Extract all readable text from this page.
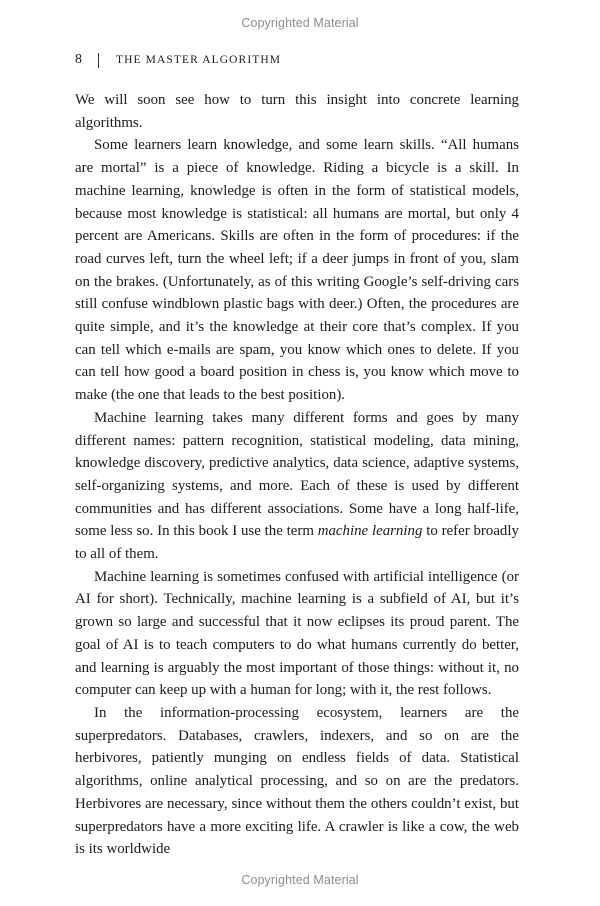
Copyrighted Material
8	THE MASTER ALGORITHM

We will soon see how to turn this insight into concrete learning algorithms.

Some learners learn knowledge, and some learn skills. “All humans are mortal” is a piece of knowledge. Riding a bicycle is a skill. In machine learning, knowledge is often in the form of statistical models, because most knowledge is statistical: all humans are mortal, but only 4 percent are Americans. Skills are often in the form of procedures: if the road curves left, turn the wheel left; if a deer jumps in front of you, slam on the brakes. (Unfortunately, as of this writing Google’s self-driving cars still confuse windblown plastic bags with deer.) Often, the procedures are quite simple, and it’s the knowledge at their core that’s complex. If you can tell which e-mails are spam, you know which ones to delete. If you can tell how good a board position in chess is, you know which move to make (the one that leads to the best position).

Machine learning takes many different forms and goes by many different names: pattern recognition, statistical modeling, data mining, knowledge discovery, predictive analytics, data science, adaptive systems, self-organizing systems, and more. Each of these is used by different communities and has different associations. Some have a long half-life, some less so. In this book I use the term machine learning to refer broadly to all of them.

Machine learning is sometimes confused with artificial intelligence (or AI for short). Technically, machine learning is a subfield of AI, but it’s grown so large and successful that it now eclipses its proud parent. The goal of AI is to teach computers to do what humans currently do better, and learning is arguably the most important of those things: without it, no computer can keep up with a human for long; with it, the rest follows.

In the information-processing ecosystem, learners are the superpredators. Databases, crawlers, indexers, and so on are the herbivores, patiently munging on endless fields of data. Statistical algorithms, online analytical processing, and so on are the predators. Herbivores are necessary, since without them the others couldn’t exist, but superpredators have a more exciting life. A crawler is like a cow, the web is its worldwide

Copyrighted Material
